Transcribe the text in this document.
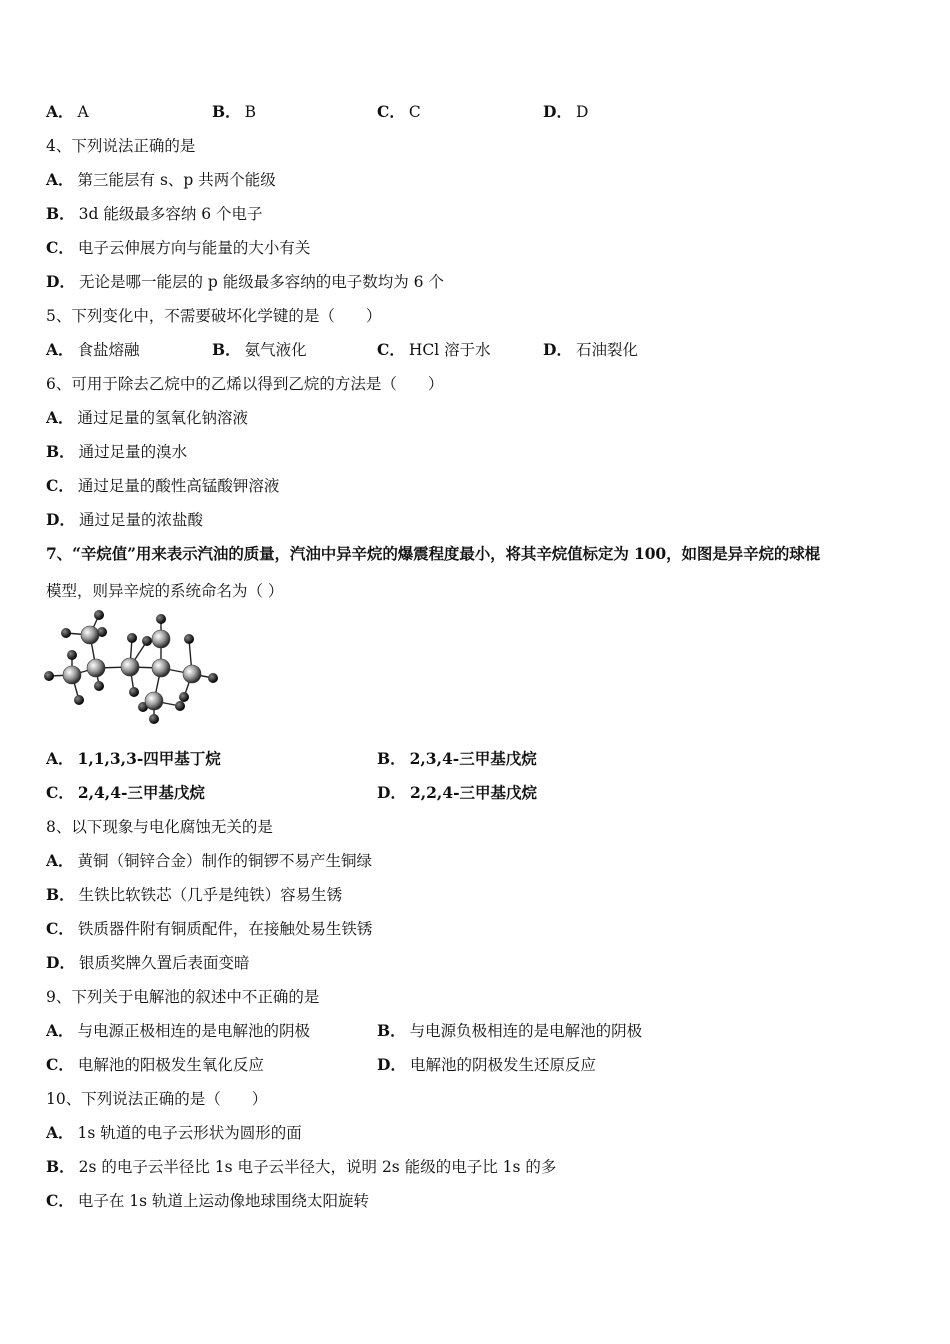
A． A	B． B	C． C	D． D
4、下列说法正确的是
A． 第三能层有 s、p 共两个能级
B． 3d 能级最多容纳 6 个电子
C． 电子云伸展方向与能量的大小有关
D． 无论是哪一能层的 p 能级最多容纳的电子数均为 6 个
5、下列变化中，不需要破坏化学键的是（　　）
A． 食盐熔融	B． 氨气液化	C． HCl 溶于水	D． 石油裂化
6、可用于除去乙烷中的乙烯以得到乙烷的方法是（　　）
A． 通过足量的氢氧化钠溶液
B． 通过足量的溴水
C． 通过足量的酸性高锰酸钾溶液
D． 通过足量的浓盐酸
7、“辛烷值”用来表示汽油的质量，汽油中异辛烷的爆震程度最小，将其辛烷值标定为 100，如图是异辛烷的球棍
模型，则异辛烷的系统命名为（ ）
A． 1,1,3,3-四甲基丁烷	B． 2,3,4-三甲基戊烷
C． 2,4,4-三甲基戊烷	D． 2,2,4-三甲基戊烷
8、以下现象与电化腐蚀无关的是
A． 黄铜（铜锌合金）制作的铜锣不易产生铜绿
B． 生铁比软铁芯（几乎是纯铁）容易生锈
C． 铁质器件附有铜质配件，在接触处易生铁锈
D． 银质奖牌久置后表面变暗
9、下列关于电解池的叙述中不正确的是
A． 与电源正极相连的是电解池的阴极	B． 与电源负极相连的是电解池的阴极
C． 电解池的阳极发生氧化反应	D． 电解池的阴极发生还原反应
10、下列说法正确的是（　　）
A． 1s 轨道的电子云形状为圆形的面
B． 2s 的电子云半径比 1s 电子云半径大，说明 2s 能级的电子比 1s 的多
C． 电子在 1s 轨道上运动像地球围绕太阳旋转
